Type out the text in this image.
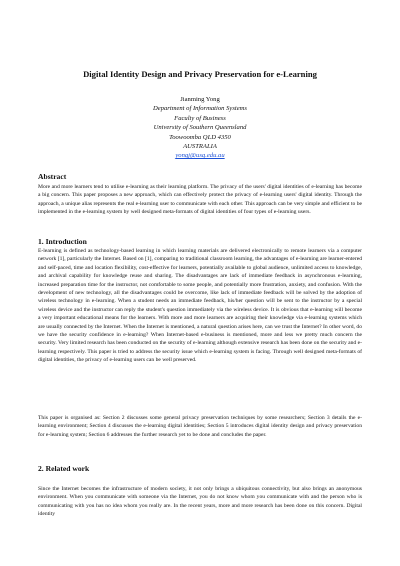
Digital Identity Design and Privacy Preservation for e-Learning
Jianming Yong
Department of Information Systems
Faculty of Business
University of Southern Queensland
Toowoomba QLD 4350
AUSTRALIA
yongj@usq.edu.au
Abstract

More and more learners tend to utilise e-learning as their learning platform. The privacy of the users' digital identities of e-learning has become a big concern. This paper proposes a new approach, which can effectively protect the privacy of e-learning users' digital identity. Through the approach, a unique alias represents the real e-learning user to communicate with each other. This approach can be very simple and efficient to be implemented in the e-learning system by well designed meta-formats of digital identities of four types of e-learning users.

1. Introduction

E-learning is defined as technology-based learning in which learning materials are delivered electronically to remote learners via a computer network [1], particularly the Internet. Based on [1], comparing to traditional classroom learning, the advantages of e-learning are learner-entered and self-paced, time and location flexibility, cost-effective for learners, potentially available to global audience, unlimited access to knowledge, and archival capability for knowledge reuse and sharing. The disadvantages are lack of immediate feedback in asynchronous e-learning, increased preparation time for the instructor, not comfortable to some people, and potentially more frustration, anxiety, and confusion. With the development of new technology, all the disadvantages could be overcome, like lack of immediate feedback will be solved by the adoption of wireless technology in e-learning. When a student needs an immediate feedback, his/her question will be sent to the instructor by a special wireless device and the instructor can reply the student's question immediately via the wireless device. It is obvious that e-learning will become a very important educational means for the learners. With more and more learners are acquiring their knowledge via e-learning systems which are usually connected by the Internet. When the Internet is mentioned, a natural question arises here, can we trust the Internet? In other word, do we have the security confidence in e-learning? When Internet-based e-business is mentioned, more and less we pretty much concern the security. Very limited research has been conducted on the security of e-learning although extensive research has been done on the security and e-learning respectively. This paper is tried to address the security issue which e-learning system is facing. Through well designed meta-formats of digital identities, the privacy of e-learning users can be well preserved.

This paper is organised as: Section 2 discusses some general privacy preservation techniques by some researchers; Section 3 details the e-learning environment; Section 4 discusses the e-learning digital identities; Section 5 introduces digital identity design and privacy preservation for e-learning system; Section 6 addresses the further research yet to be done and concludes the paper.

2. Related work

Since the Internet becomes the infrastructure of modern society, it not only brings a ubiquitous connectivity, but also brings an anonymous environment. When you communicate with someone via the Internet, you do not know whom you communicate with and the person who is communicating with you has no idea whom you really are. In the recent years, more and more research has been done on this concern. Digital identity
